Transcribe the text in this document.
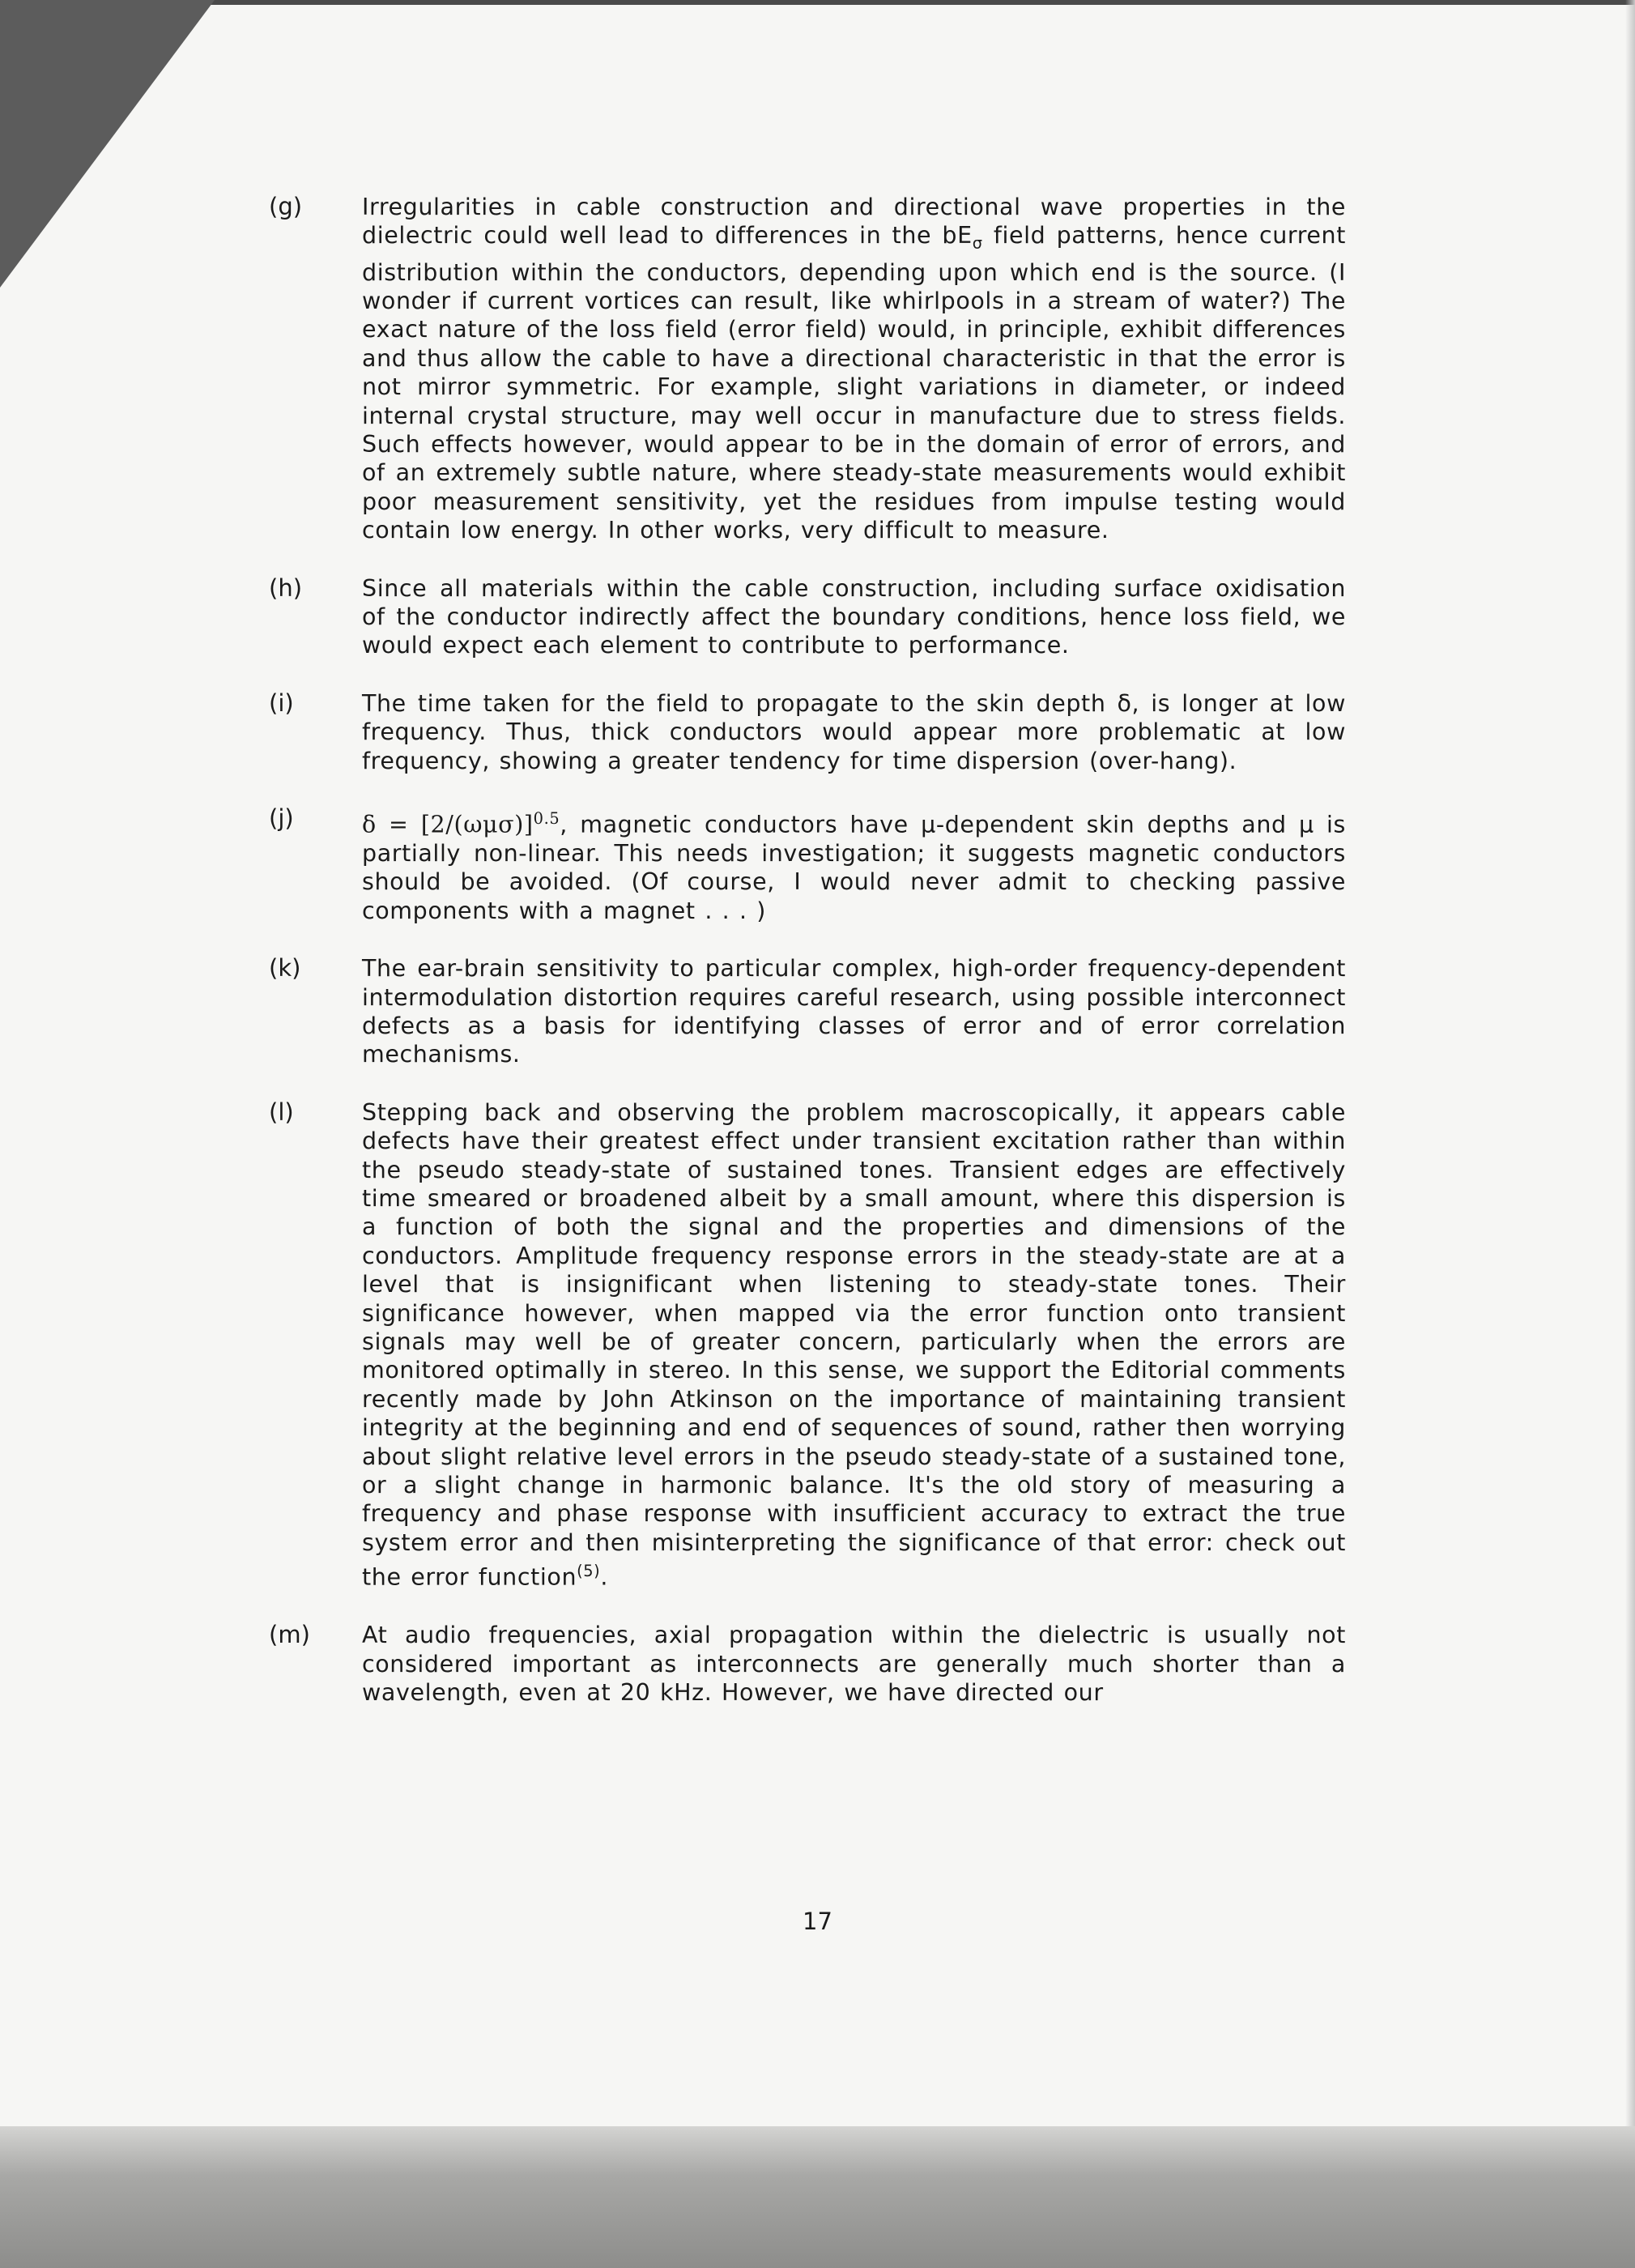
(g)	Irregularities in cable construction and directional wave properties in the dielectric could well lead to differences in the $bE_\sigma$ field patterns, hence current distribution within the conductors, depending upon which end is the source. (I wonder if current vortices can result, like whirlpools in a stream of water?) The exact nature of the loss field (error field) would, in principle, exhibit differences and thus allow the cable to have a directional characteristic in that the error is not mirror symmetric. For example, slight variations in diameter, or indeed internal crystal structure, may well occur in manufacture due to stress fields. Such effects however, would appear to be in the domain of error of errors, and of an extremely subtle nature, where steady-state measurements would exhibit poor measurement sensitivity, yet the residues from impulse testing would contain low energy. In other works, very difficult to measure.
(h)	Since all materials within the cable construction, including surface oxidisation of the conductor indirectly affect the boundary conditions, hence loss field, we would expect each element to contribute to performance.
(i)	The time taken for the field to propagate to the skin depth δ, is longer at low frequency. Thus, thick conductors would appear more problematic at low frequency, showing a greater tendency for time dispersion (over-hang).
(j)	$\delta = [2/(\omega\mu\sigma)]^{0.5}$, magnetic conductors have μ-dependent skin depths and μ is partially non-linear. This needs investigation; it suggests magnetic conductors should be avoided. (Of course, I would never admit to checking passive components with a magnet . . . )
(k)	The ear-brain sensitivity to particular complex, high-order frequency-dependent intermodulation distortion requires careful research, using possible interconnect defects as a basis for identifying classes of error and of error correlation mechanisms.
(l)	Stepping back and observing the problem macroscopically, it appears cable defects have their greatest effect under transient excitation rather than within the pseudo steady-state of sustained tones. Transient edges are effectively time smeared or broadened albeit by a small amount, where this dispersion is a function of both the signal and the properties and dimensions of the conductors. Amplitude frequency response errors in the steady-state are at a level that is insignificant when listening to steady-state tones. Their significance however, when mapped via the error function onto transient signals may well be of greater concern, particularly when the errors are monitored optimally in stereo. In this sense, we support the Editorial comments recently made by John Atkinson on the importance of maintaining transient integrity at the beginning and end of sequences of sound, rather then worrying about slight relative level errors in the pseudo steady-state of a sustained tone, or a slight change in harmonic balance. It's the old story of measuring a frequency and phase response with insufficient accuracy to extract the true system error and then misinterpreting the significance of that error: check out the error function$^{(5)}$.
(m)	At audio frequencies, axial propagation within the dielectric is usually not considered important as interconnects are generally much shorter than a wavelength, even at 20 kHz. However, we have directed our
17
